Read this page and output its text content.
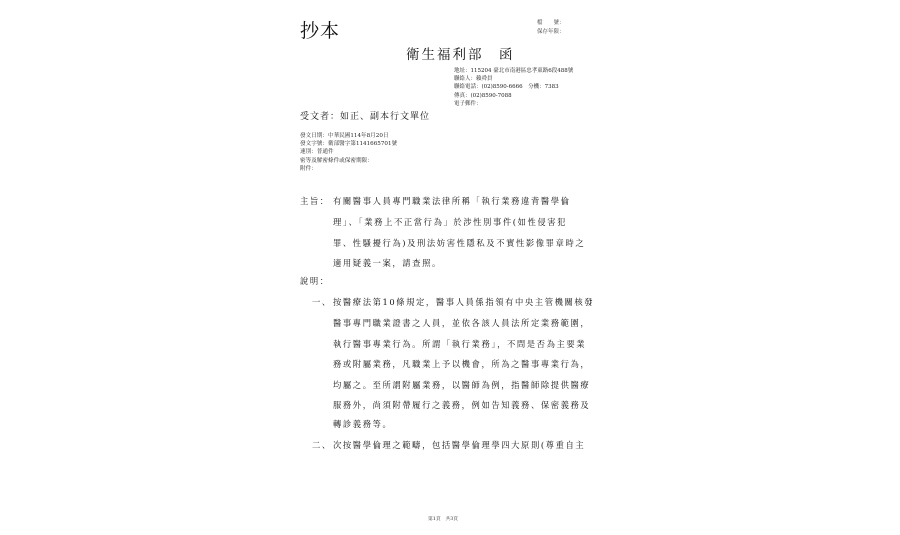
抄本	檔　　號：
保存年限：
衛生福利部　函
地址：115204 臺北市南港區忠孝東路6段488號
聯絡人：賴舜員
聯絡電話：(02)8590-6666　分機：7383
傳真：(02)8590-7088
電子郵件：
受文者：如正、副本行文單位
發文日期：中華民國114年8月20日
發文字號：衛部醫字第1141665701號
速別：普通件
密等及解密條件或保密期限：
附件：
主旨： 有關醫事人員專門職業法律所稱「執行業務違背醫學倫
理」、「業務上不正當行為」於涉性別事件(如性侵害犯
罪、性騷擾行為)及刑法妨害性隱私及不實性影像罪章時之
適用疑義一案，請查照。
說明：
一、 按醫療法第10條規定，醫事人員係指領有中央主管機關核發
醫事專門職業證書之人員，並依各該人員法所定業務範圍，
執行醫事專業行為。所謂「執行業務」，不問是否為主要業
務或附屬業務，凡職業上予以機會，所為之醫事專業行為，
均屬之。至所謂附屬業務，以醫師為例，指醫師除提供醫療
服務外，尚須附帶履行之義務，例如告知義務、保密義務及
轉診義務等。
二、 次按醫學倫理之範疇，包括醫學倫理學四大原則(尊重自主
第1頁　共3頁
